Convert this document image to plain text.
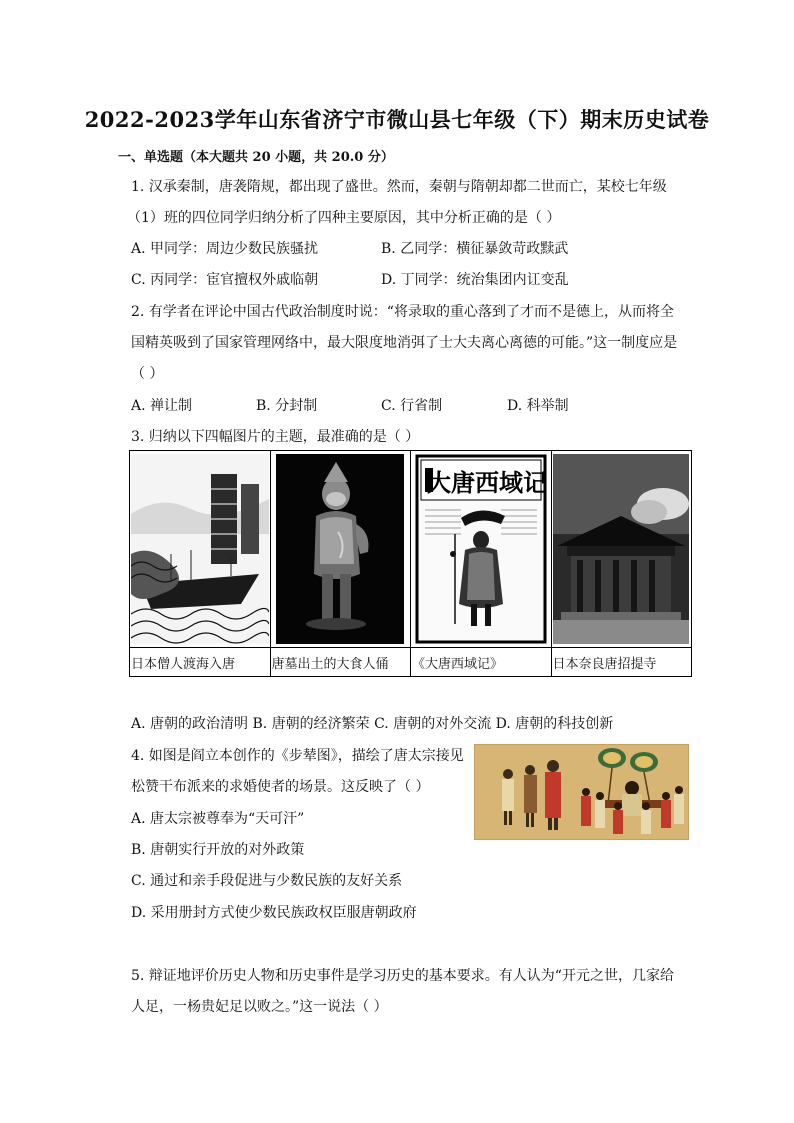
2022-2023学年山东省济宁市微山县七年级（下）期末历史试卷
一、单选题（本大题共 20 小题，共 20.0 分）
1. 汉承秦制，唐袭隋规，都出现了盛世。然而，秦朝与隋朝却都二世而亡，某校七年级
（1）班的四位同学归纳分析了四种主要原因，其中分析正确的是（ ）
A. 甲同学：周边少数民族骚扰	B. 乙同学：横征暴敛苛政黩武
C. 丙同学：宦官擅权外戚临朝	D. 丁同学：统治集团内讧变乱
2. 有学者在评论中国古代政治制度时说：“将录取的重心落到了才而不是德上，从而将全
国精英吸到了国家管理网络中，最大限度地消弭了士大夫离心离德的可能。”这一制度应是
（ ）
A. 禅让制	B. 分封制	C. 行省制	D. 科举制
3. 归纳以下四幅图片的主题，最准确的是（ ）

大唐西域记

日本僧人渡海入唐	唐墓出土的大食人俑	《大唐西域记》	日本奈良唐招提寺
A. 唐朝的政治清明 B. 唐朝的经济繁荣 C. 唐朝的对外交流 D. 唐朝的科技创新
4. 如图是阎立本创作的《步辇图》，描绘了唐太宗接见
松赞干布派来的求婚使者的场景。这反映了（ ）
A. 唐太宗被尊奉为“天可汗”
B. 唐朝实行开放的对外政策
C. 通过和亲手段促进与少数民族的友好关系
D. 采用册封方式使少数民族政权臣服唐朝政府
5. 辩证地评价历史人物和历史事件是学习历史的基本要求。有人认为“开元之世，几家给
人足，一杨贵妃足以败之。”这一说法（ ）
